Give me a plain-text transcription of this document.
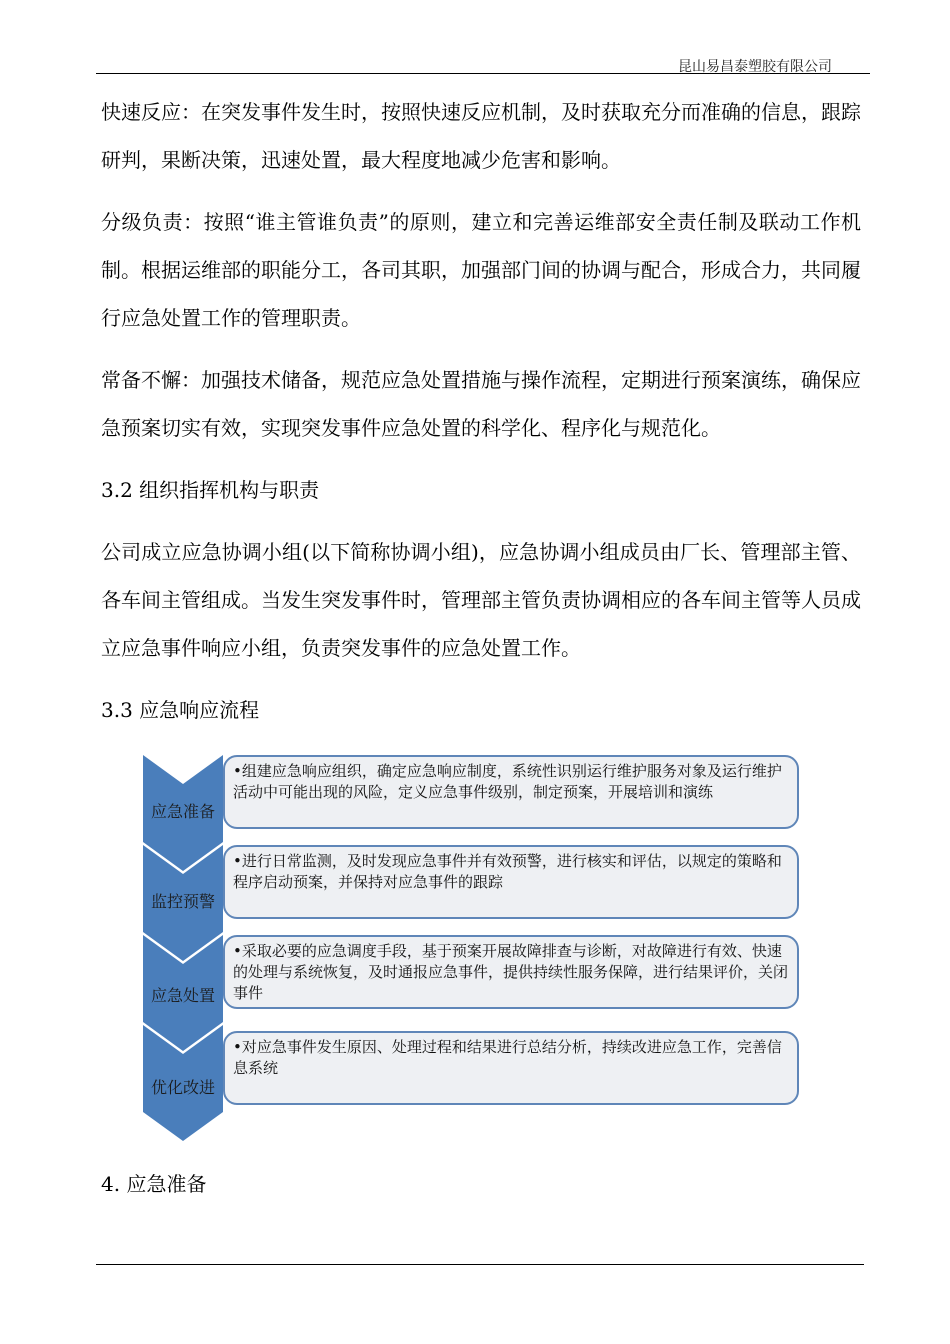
昆山易昌泰塑胶有限公司

快速反应：在突发事件发生时，按照快速反应机制，及时获取充分而准确的信息，跟踪研判，果断决策，迅速处置，最大程度地减少危害和影响。

分级负责：按照“谁主管谁负责”的原则，建立和完善运维部安全责任制及联动工作机制。根据运维部的职能分工，各司其职，加强部门间的协调与配合，形成合力，共同履行应急处置工作的管理职责。

常备不懈：加强技术储备，规范应急处置措施与操作流程，定期进行预案演练，确保应急预案切实有效，实现突发事件应急处置的科学化、程序化与规范化。

3.2 组织指挥机构与职责

公司成立应急协调小组(以下简称协调小组)，应急协调小组成员由厂长、管理部主管、各车间主管组成。当发生突发事件时，管理部主管负责协调相应的各车间主管等人员成立应急事件响应小组，负责突发事件的应急处置工作。

3.3 应急响应流程

应急准备
•组建应急响应组织，确定应急响应制度，系统性识别运行维护服务对象及运行维护活动中可能出现的风险，定义应急事件级别，制定预案，开展培训和演练
监控预警
•进行日常监测，及时发现应急事件并有效预警，进行核实和评估，以规定的策略和程序启动预案，并保持对应急事件的跟踪
应急处置
•采取必要的应急调度手段，基于预案开展故障排查与诊断，对故障进行有效、快速的处理与系统恢复，及时通报应急事件，提供持续性服务保障，进行结果评价，关闭事件
优化改进
•对应急事件发生原因、处理过程和结果进行总结分析，持续改进应急工作，完善信息系统
4. 应急准备
